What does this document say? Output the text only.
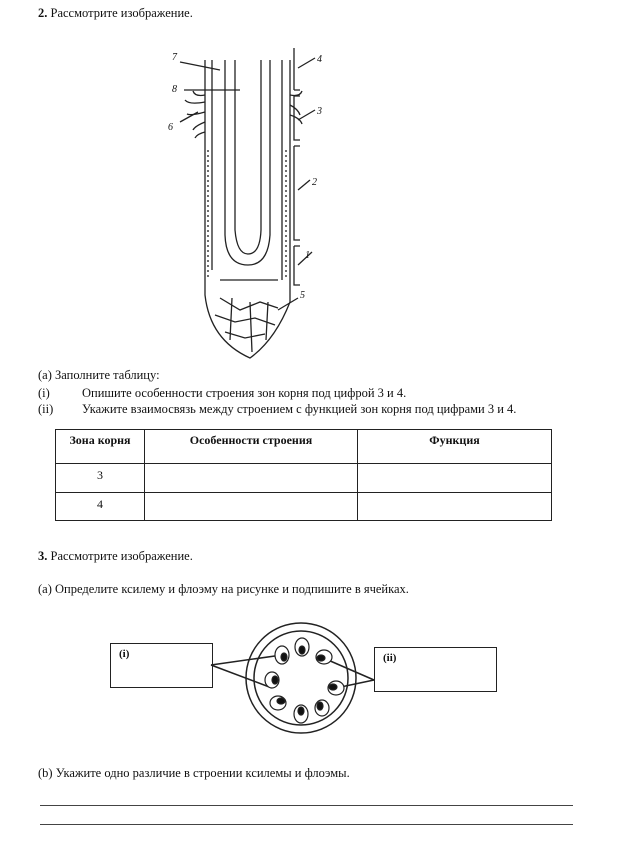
2. Рассмотрите изображение.
1
2
3
4
5
6
7
8
(a) Заполните таблицу:
(i)	Опишите особенности строения зон корня под цифрой 3 и 4.
(ii) Укажите взаимосвязь между строением с функцией зон корня под цифрами 3 и 4.
Зона корня	Особенности строения	Функция
3		
4		
3. Рассмотрите изображение.
(a) Определите ксилему и флоэму на рисунке и подпишите в ячейках.
(i)	(ii)
(b) Укажите одно различие в строении ксилемы и флоэмы.
